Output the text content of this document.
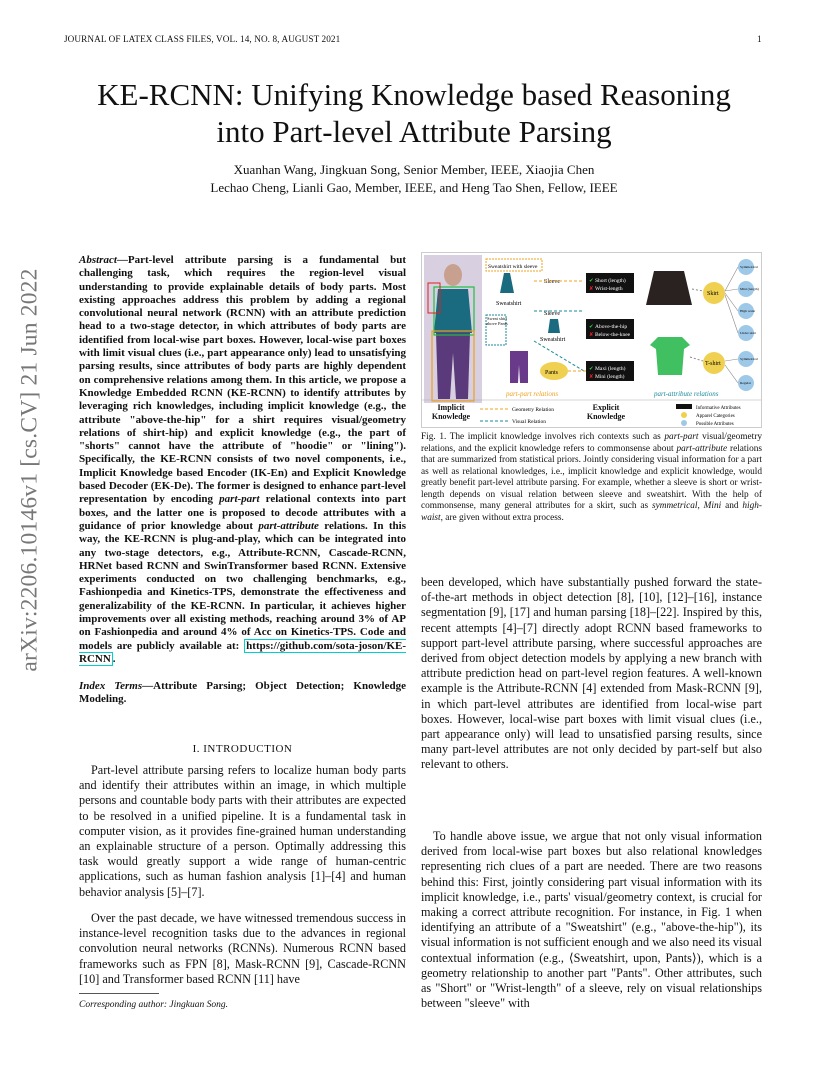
JOURNAL OF LATEX CLASS FILES, VOL. 14, NO. 8, AUGUST 2021	1
KE-RCNN: Unifying Knowledge based Reasoning
into Part-level Attribute Parsing
Xuanhan Wang, Jingkuan Song, Senior Member, IEEE, Xiaojia Chen
Lechao Cheng, Lianli Gao, Member, IEEE, and Heng Tao Shen, Fellow, IEEE
arXiv:2206.10146v1 [cs.CV] 21 Jun 2022
Abstract—Part-level attribute parsing is a fundamental but challenging task, which requires the region-level visual understanding to provide explainable details of body parts. Most existing approaches address this problem by adding a regional convolutional neural network (RCNN) with an attribute prediction head to a two-stage detector, in which attributes of body parts are identified from local-wise part boxes. However, local-wise part boxes with limit visual clues (i.e., part appearance only) lead to unsatisfying parsing results, since attributes of body parts are highly dependent on comprehensive relations among them. In this article, we propose a Knowledge Embedded RCNN (KE-RCNN) to identify attributes by leveraging rich knowledges, including implicit knowledge (e.g., the attribute "above-the-hip" for a shirt requires visual/geometry relations of shirt-hip) and explicit knowledge (e.g., the part of "shorts" cannot have the attribute of "hoodie" or "lining"). Specifically, the KE-RCNN consists of two novel components, i.e., Implicit Knowledge based Encoder (IK-En) and Explicit Knowledge based Decoder (EK-De). The former is designed to enhance part-level representation by encoding part-part relational contexts into part boxes, and the latter one is proposed to decode attributes with a guidance of prior knowledge about part-attribute relations. In this way, the KE-RCNN is plug-and-play, which can be integrated into any two-stage detectors, e.g., Attribute-RCNN, Cascade-RCNN, HRNet based RCNN and SwinTransformer based RCNN. Extensive experiments conducted on two challenging benchmarks, e.g., Fashionpedia and Kinetics-TPS, demonstrate the effectiveness and generalizability of the KE-RCNN. In particular, it achieves higher improvements over all existing methods, reaching around 3% of AP on Fashionpedia and around 4% of Acc on Kinetics-TPS. Code and models are publicly available at: https://github.com/sota-joson/KE-RCNN .
Index Terms—Attribute Parsing; Object Detection; Knowledge Modeling.
I. INTRODUCTION
Part-level attribute parsing refers to localize human body parts and identify their attributes within an image, in which multiple persons and countable body parts with their attributes are expected to be resolved in a unified pipeline. It is a fundamental task in computer vision, as it provides fine-grained human understanding an explainable structure of a person. Optimally addressing this task would greatly support a wide range of human-centric applications, such as human fashion analysis [1]–[4] and human behavior analysis [5]–[7].
Over the past decade, we have witnessed tremendous success in instance-level recognition tasks due to the advances in regional convolution neural networks (RCNNs). Numerous RCNN based frameworks such as FPN [8], Mask-RCNN [9], Cascade-RCNN [10] and Transformer based RCNN [11] have
Corresponding author: Jingkuan Song.
Sweatshirt with sleeve
Sweatshirt
Sleeve
Sleeve
Sweatshirt
Sweat shirt above Pants
Pants
✔ Short (length)
✘ Wrist-length
✔ Above-the-hip
✘ Below-the-knee
✔ Maxi (length)
✘ Mini (length)
part-part relations
Skirt
T-shirt
Symmetrical
Mini (length)
High waist
Under skirt
Symmetrical
Regular
part-attribute relations
Implicit Knowledge
Geometry Relation
Visual Relation
Explicit Knowledge
Informative Attributes
Apparel Categories
Possible Attributes
Fig. 1. The implicit knowledge involves rich contexts such as part-part visual/geometry relations, and the explicit knowledge refers to commonsense about part-attribute relations that are summarized from statistical priors. Jointly considering visual information for a part as well as relational knowledges, i.e., implicit knowledge and explicit knowledge, would greatly benefit part-level attribute parsing. For example, whether a sleeve is short or wrist-length depends on visual relation between sleeve and sweatshirt. With the help of commonsense, many general attributes for a skirt, such as symmetrical, Mini and high-waist, are given without extra process.
been developed, which have substantially pushed forward the state-of-the-art methods in object detection [8], [10], [12]–[16], instance segmentation [9], [17] and human parsing [18]–[22]. Inspired by this, recent attempts [4]–[7] directly adopt RCNN based frameworks to support part-level attribute parsing, where successful approaches are derived from object detection models by applying a new branch with attribute prediction head on part-level region features. A well-known example is the Attribute-RCNN [4] extended from Mask-RCNN [9], in which part-level attributes are identified from local-wise part boxes. However, local-wise part boxes with limit visual clues (i.e., part appearance only) will lead to unsatisfied parsing results, since many part-level attributes are not only decided by part-self but also relevant to others.
To handle above issue, we argue that not only visual information derived from local-wise part boxes but also relational knowledges representing rich clues of a part are needed. There are two reasons behind this: First, jointly considering part visual information with its implicit knowledge, i.e., parts' visual/geometry context, is crucial for making a correct attribute recognition. For instance, in Fig. 1 when identifying an attribute of a "Sweatshirt" (e.g., "above-the-hip"), its visual information is not sufficient enough and we also need its visual contextual information (e.g., ⟨Sweatshirt, upon, Pants⟩), which is a geometry relationship to another part "Pants". Other attributes, such as "Short" or "Wrist-length" of a sleeve, rely on visual relationships between "sleeve" with
